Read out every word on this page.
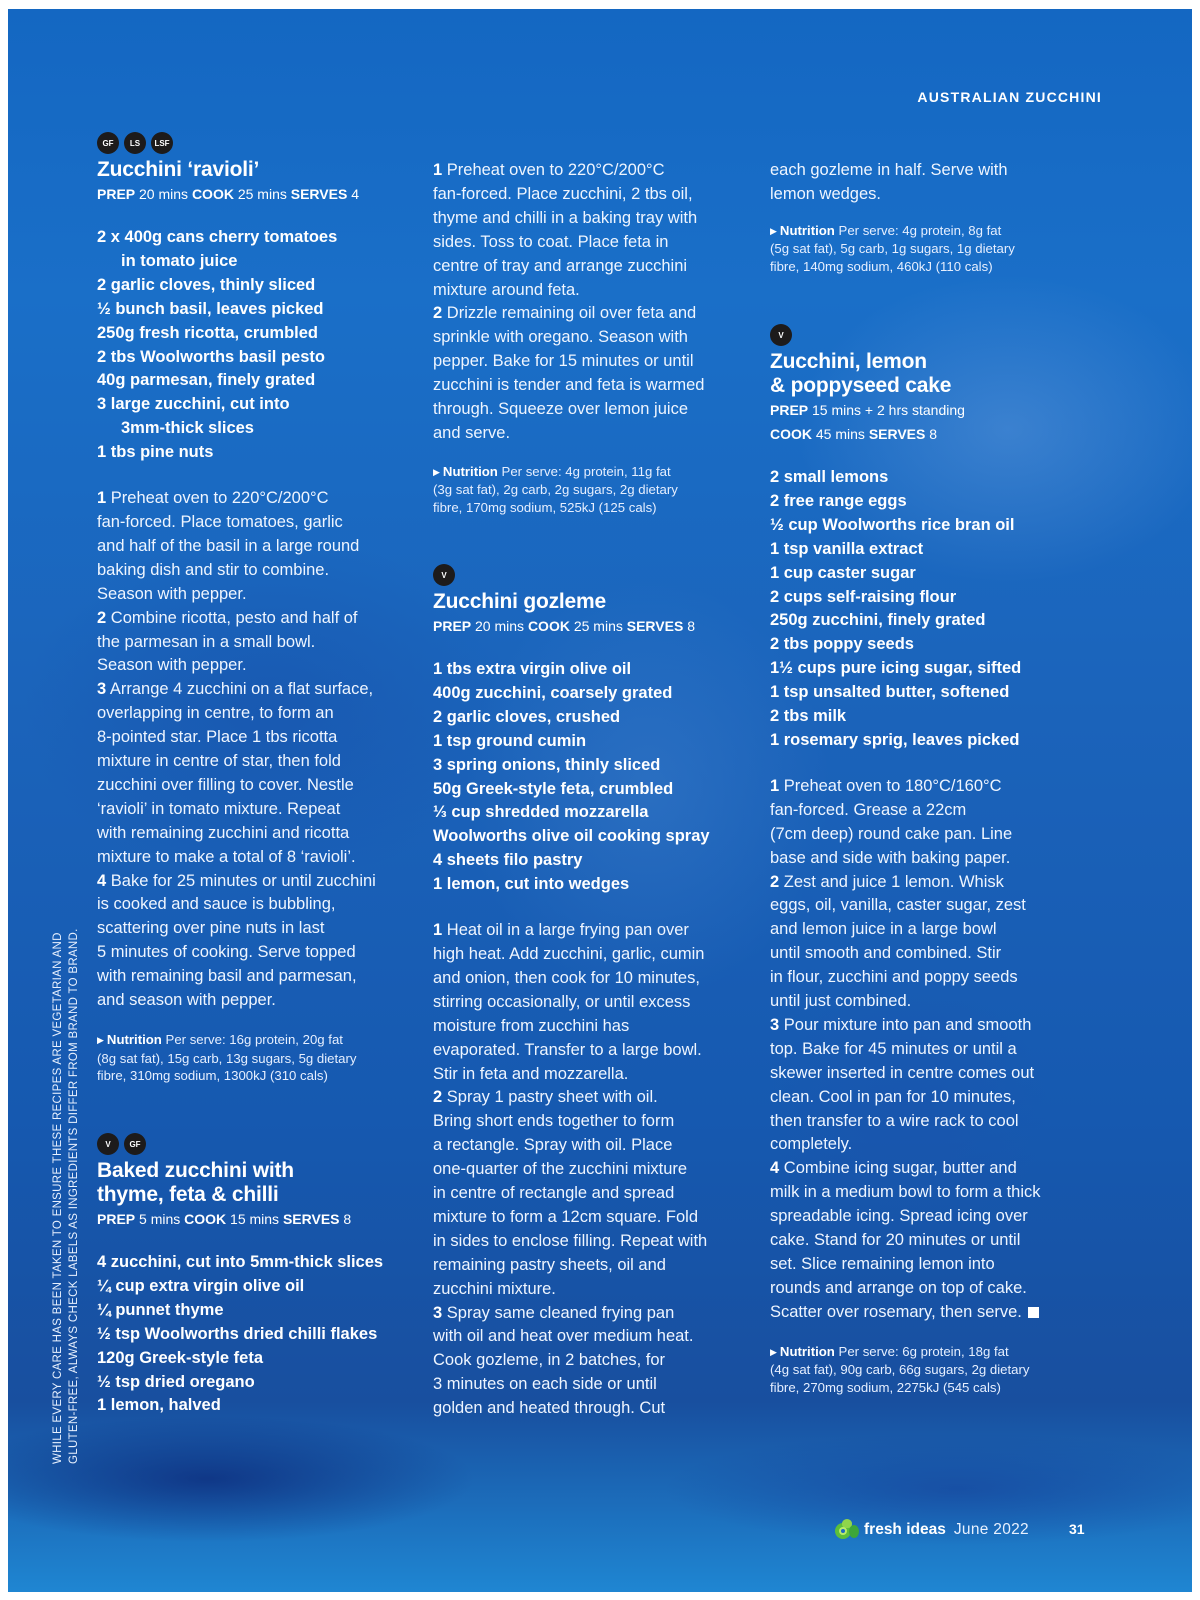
AUSTRALIAN ZUCCHINI
WHILE EVERY CARE HAS BEEN TAKEN TO ENSURE THESE RECIPES ARE VEGETARIAN AND GLUTEN-FREE, ALWAYS CHECK LABELS AS INGREDIENTS DIFFER FROM BRAND TO BRAND.
GF	LS	LSF
Zucchini ‘ravioli’

PREP 20 mins COOK 25 mins SERVES 4

2 x 400g cans cherry tomatoes
in tomato juice
2 garlic cloves, thinly sliced
½ bunch basil, leaves picked
250g fresh ricotta, crumbled
2 tbs Woolworths basil pesto
40g parmesan, finely grated
3 large zucchini, cut into
3mm-thick slices
1 tbs pine nuts
1 Preheat oven to 220°C/200°C
fan-forced. Place tomatoes, garlic
and half of the basil in a large round
baking dish and stir to combine.
Season with pepper.
2 Combine ricotta, pesto and half of
the parmesan in a small bowl.
Season with pepper.
3 Arrange 4 zucchini on a flat surface,
overlapping in centre, to form an
8-pointed star. Place 1 tbs ricotta
mixture in centre of star, then fold
zucchini over filling to cover. Nestle
‘ravioli’ in tomato mixture. Repeat
with remaining zucchini and ricotta
mixture to make a total of 8 ‘ravioli’.
4 Bake for 25 minutes or until zucchini
is cooked and sauce is bubbling,
scattering over pine nuts in last
5 minutes of cooking. Serve topped
with remaining basil and parmesan,
and season with pepper.
▶ Nutrition Per serve: 16g protein, 20g fat
(8g sat fat), 15g carb, 13g sugars, 5g dietary
fibre, 310mg sodium, 1300kJ (310 cals)
V	GF
Baked zucchini with
thyme, feta & chilli

PREP 5 mins COOK 15 mins SERVES 8

4 zucchini, cut into 5mm-thick slices
¼ cup extra virgin olive oil
¼ punnet thyme
½ tsp Woolworths dried chilli flakes
120g Greek-style feta
½ tsp dried oregano
1 lemon, halved
1 Preheat oven to 220°C/200°C
fan-forced. Place zucchini, 2 tbs oil,
thyme and chilli in a baking tray with
sides. Toss to coat. Place feta in
centre of tray and arrange zucchini
mixture around feta.
2 Drizzle remaining oil over feta and
sprinkle with oregano. Season with
pepper. Bake for 15 minutes or until
zucchini is tender and feta is warmed
through. Squeeze over lemon juice
and serve.
▶ Nutrition Per serve: 4g protein, 11g fat
(3g sat fat), 2g carb, 2g sugars, 2g dietary
fibre, 170mg sodium, 525kJ (125 cals)
V
Zucchini gozleme

PREP 20 mins COOK 25 mins SERVES 8

1 tbs extra virgin olive oil
400g zucchini, coarsely grated
2 garlic cloves, crushed
1 tsp ground cumin
3 spring onions, thinly sliced
50g Greek-style feta, crumbled
⅓ cup shredded mozzarella
Woolworths olive oil cooking spray
4 sheets filo pastry
1 lemon, cut into wedges
1 Heat oil in a large frying pan over
high heat. Add zucchini, garlic, cumin
and onion, then cook for 10 minutes,
stirring occasionally, or until excess
moisture from zucchini has
evaporated. Transfer to a large bowl.
Stir in feta and mozzarella.
2 Spray 1 pastry sheet with oil.
Bring short ends together to form
a rectangle. Spray with oil. Place
one-quarter of the zucchini mixture
in centre of rectangle and spread
mixture to form a 12cm square. Fold
in sides to enclose filling. Repeat with
remaining pastry sheets, oil and
zucchini mixture.
3 Spray same cleaned frying pan
with oil and heat over medium heat.
Cook gozleme, in 2 batches, for
3 minutes on each side or until
golden and heated through. Cut
each gozleme in half. Serve with
lemon wedges.
▶ Nutrition Per serve: 4g protein, 8g fat
(5g sat fat), 5g carb, 1g sugars, 1g dietary
fibre, 140mg sodium, 460kJ (110 cals)
V
Zucchini, lemon
& poppyseed cake

PREP 15 mins + 2 hrs standing
COOK 45 mins SERVES 8

2 small lemons
2 free range eggs
½ cup Woolworths rice bran oil
1 tsp vanilla extract
1 cup caster sugar
2 cups self-raising flour
250g zucchini, finely grated
2 tbs poppy seeds
1½ cups pure icing sugar, sifted
1 tsp unsalted butter, softened
2 tbs milk
1 rosemary sprig, leaves picked
1 Preheat oven to 180°C/160°C
fan-forced. Grease a 22cm
(7cm deep) round cake pan. Line
base and side with baking paper.
2 Zest and juice 1 lemon. Whisk
eggs, oil, vanilla, caster sugar, zest
and lemon juice in a large bowl
until smooth and combined. Stir
in flour, zucchini and poppy seeds
until just combined.
3 Pour mixture into pan and smooth
top. Bake for 45 minutes or until a
skewer inserted in centre comes out
clean. Cool in pan for 10 minutes,
then transfer to a wire rack to cool
completely.
4 Combine icing sugar, butter and
milk in a medium bowl to form a thick
spreadable icing. Spread icing over
cake. Stand for 20 minutes or until
set. Slice remaining lemon into
rounds and arrange on top of cake.
Scatter over rosemary, then serve.
▶ Nutrition Per serve: 6g protein, 18g fat
(4g sat fat), 90g carb, 66g sugars, 2g dietary
fibre, 270mg sodium, 2275kJ (545 cals)
fresh ideas June 2022	31
